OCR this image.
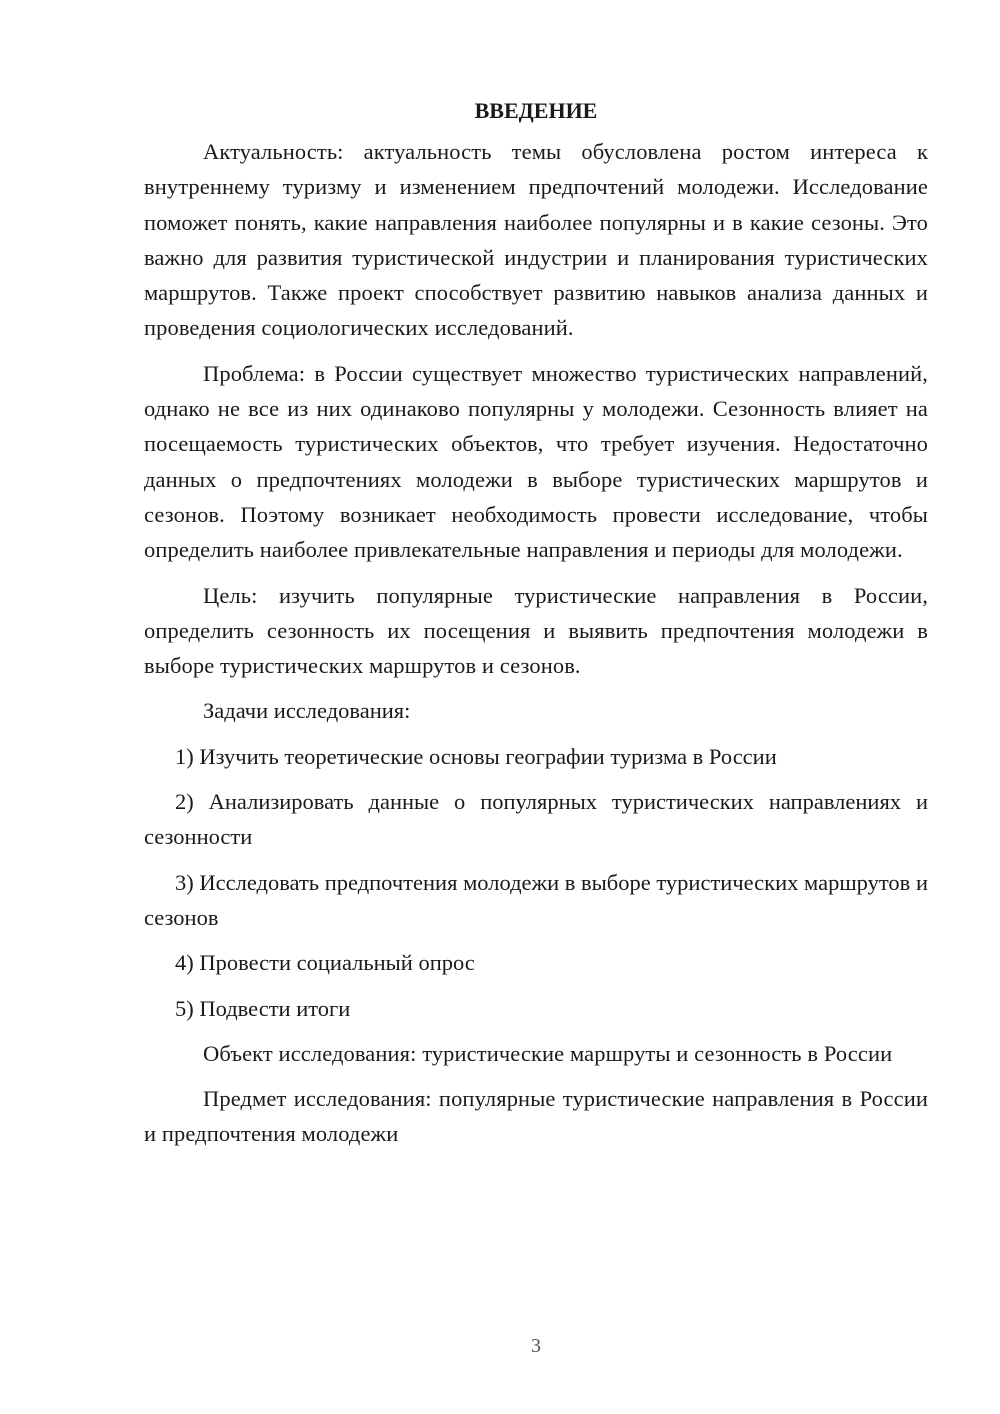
ВВЕДЕНИЕ

Актуальность: актуальность темы обусловлена ростом интереса к внутреннему туризму и изменением предпочтений молодежи. Исследование поможет понять, какие направления наиболее популярны и в какие сезоны. Это важно для развития туристической индустрии и планирования туристических маршрутов. Также проект способствует развитию навыков анализа данных и проведения социологических исследований.

Проблема: в России существует множество туристических направлений, однако не все из них одинаково популярны у молодежи. Сезонность влияет на посещаемость туристических объектов, что требует изучения. Недостаточно данных о предпочтениях молодежи в выборе туристических маршрутов и сезонов. Поэтому возникает необходимость провести исследование, чтобы определить наиболее привлекательные направления и периоды для молодежи.

Цель: изучить популярные туристические направления в России, определить сезонность их посещения и выявить предпочтения молодежи в выборе туристических маршрутов и сезонов.

Задачи исследования:

1) Изучить теоретические основы географии туризма в России

2) Анализировать данные о популярных туристических направлениях и сезонности

3) Исследовать предпочтения молодежи в выборе туристических маршрутов и сезонов

4) Провести социальный опрос

5) Подвести итоги

Объект исследования: туристические маршруты и сезонность в России

Предмет исследования: популярные туристические направления в России и предпочтения молодежи

3
